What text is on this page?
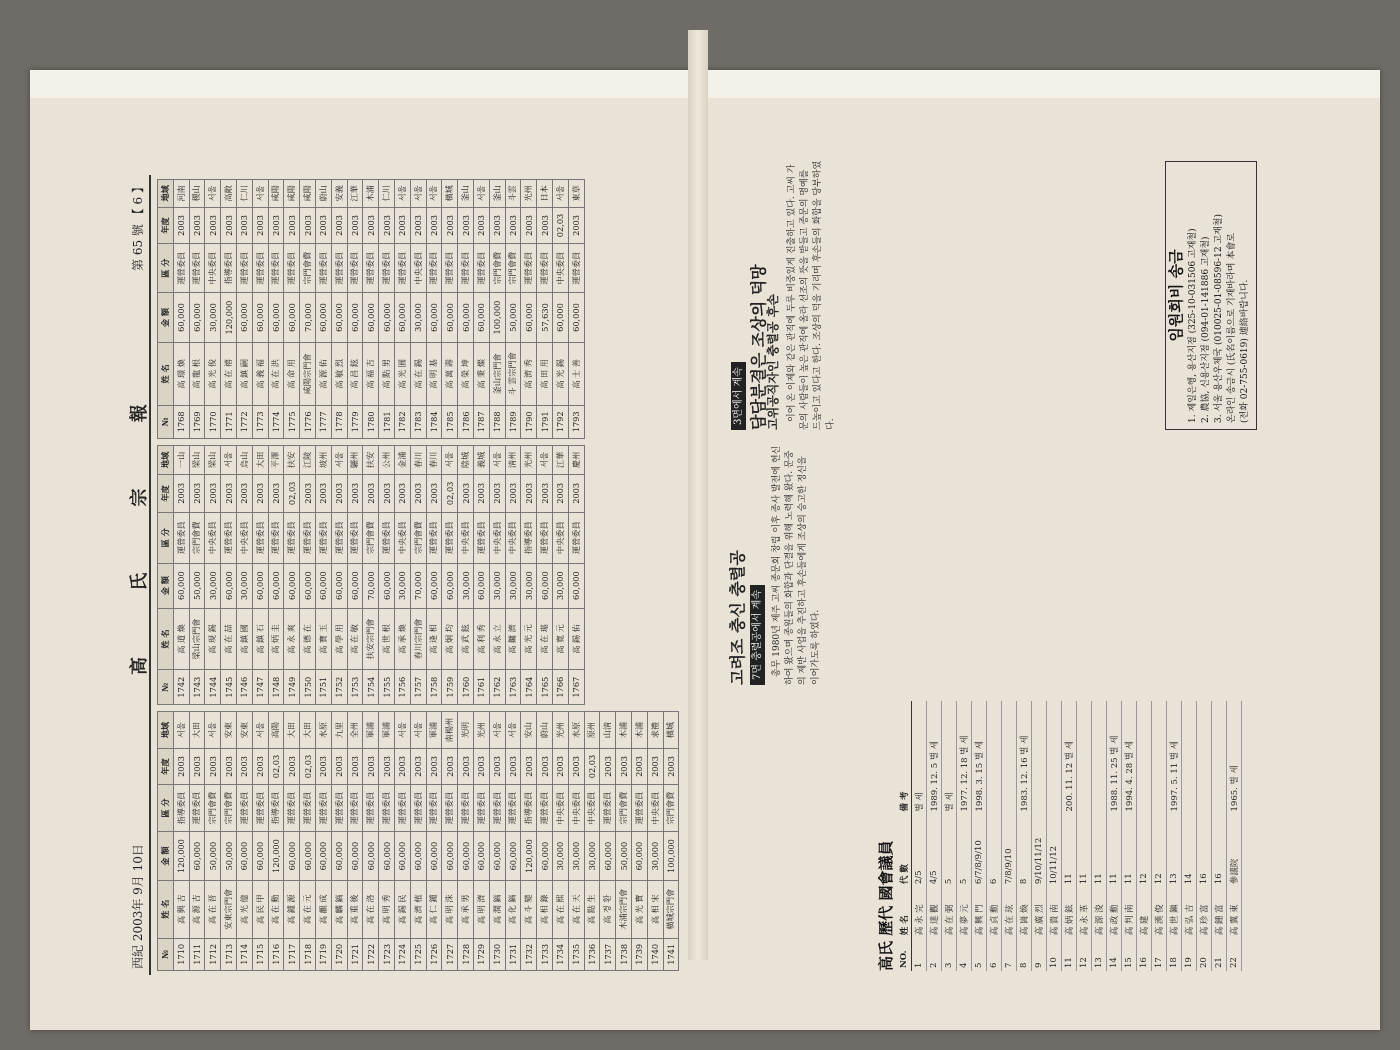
西紀 2003年 9月 10日
高 氏 宗 報
第 65 號 【 6 】
№	姓 名	金 額	區 分	年度	地域
1710	高 興 吉	120,000	指導委員	2003	서울
1711	高 源 吉	60,000	運營委員	2003	大田
1712	高 在 晋	50,000	宗門會費	2003	서울
1713	安東宗門會	50,000	宗門會費	2003	安東
1714	高 光 億	60,000	運營委員	2003	安東
1715	高 民 甲	60,000	運營委員	2003	서울
1716	高 在 勳	120,000	指導委員	02,03	高陽
1717	高 鍾 源	60,000	運營委員	2003	大田
1718	高 在 元	60,000	運營委員	02,03	大田
1719	高 觀 成	60,000	運營委員	2003	水原
1720	高 麟 鎬	60,000	運營委員	2003	九里
1721	高 重 後	60,000	運營委員	2003	全州
1722	高 在 洛	60,000	運營委員	2003	軍浦
1723	高 明 秀	60,000	運營委員	2003	軍浦
1724	高 錫 民	60,000	運營委員	2003	서울
1725	高 濟 植	60,000	運營委員	2003	서울
1726	高 仁 鍾	60,000	運營委員	2003	軍浦
1727	高 明 洙	60,000	運營委員	2003	南楊州
1728	高 承 男	60,000	運營委員	2003	光明
1729	高 明 濟	60,000	運營委員	2003	光州
1730	高 潤 鎬	60,000	運營委員	2003	서울
1731	高 化 鎬	60,000	運營委員	2003	서울
1732	高 斗 變	120,000	指導委員	2003	安山
1733	高 相 錄	60,000	運營委員	2003	蔚山
1734	高 在 熙	30,000	中央委員	2003	光州
1735	高 在 天	30,000	中央委員	2003	水原
1736	高 點 生	30,000	中央委員	02,03	原州
1737	高 경 환	60,000	運營委員	2003	山淸
1738	木浦宗門會	50,000	宗門會費	2003	木浦
1739	高 光 寶	60,000	運營委員	2003	木浦
1740	高 相 宋	30,000	中央委員	2003	求禮
1741	橫城宗門會	100,000	宗門會費	2003	橫城
№	姓 名	金 額	區 分	年度	地域
1742	高 道 煥	60,000	運營委員	2003	一山
1743	梁山宗門會	50,000	宗門會費	2003	梁山
1744	高 現 錫	30,000	中央委員	2003	梁山
1745	高 在 喆	60,000	運營委員	2003	서울
1746	高 鎮 國	30,000	中央委員	2003	烏山
1747	高 鎮 石	60,000	運營委員	2003	大田
1748	高 炳 圭	60,000	運營委員	2003	平澤
1749	高 永 爽	60,000	運營委員	02,03	扶安
1750	高 德 在	60,000	運營委員	2003	江陵
1751	高 寶 玉	60,000	運營委員	2003	坡州
1752	高 學 用	60,000	運營委員	2003	서울
1753	高 在 敏	60,000	運營委員	2003	驪州
1754	扶安宗門會	70,000	宗門會費	2003	扶安
1755	高 世 根	60,000	運營委員	2003	公州
1756	高 承 煥	30,000	中央委員	2003	金浦
1757	春川宗門會	70,000	宗門會費	2003	春川
1758	高 逢 相	60,000	運營委員	2003	春川
1759	高 炯 均	60,000	運營委員	02,03	서울
1760	高 武 鉉	30,000	中央委員	2003	陰城
1761	高 利 秀	60,000	運營委員	2003	義城
1762	高 永 立	30,000	中央委員	2003	서울
1763	高 鏞 濟	30,000	中央委員	2003	淸州
1764	高 光 元	30,000	指導委員	2003	光州
1765	高 在 璂	60,000	運營委員	2003	서울
1766	高 寬 元	30,000	中央委員	2003	江華
1767	高 錫 佑	60,000	運營委員	2003	慶州
№	姓 名	金 額	區 分	年度	地域
1768	高 璟 煥	60,000	運營委員	2003	河南
1769	高 龍 根	60,000	運營委員	2003	稷山
1770	高 光 俊	30,000	中央委員	2003	서울
1771	高 在 禧	120,000	指導委員	2003	高敞
1772	高 鎮 嗣	60,000	運營委員	2003	仁川
1773	高 義 福	60,000	運營委員	2003	서울
1774	高 在 洪	60,000	運營委員	2003	咸陽
1775	高 命 用	60,000	運營委員	2003	咸陽
1776	咸陽宗門會	70,000	宗門會費	2003	咸陽
1777	高 源 佑	60,000	運營委員	2003	蔚山
1778	高 敏 烈	60,000	運營委員	2003	安義
1779	高 昌 鉉	60,000	運營委員	2003	江華
1780	高 福 吉	60,000	運營委員	2003	木浦
1781	高 點 男	60,000	運營委員	2003	仁川
1782	高 光 圓	60,000	運營委員	2003	서울
1783	高 在 錫	30,000	中央委員	2003	서울
1784	高 明 基	60,000	運營委員	2003	서울
1785	高 萬 壽	60,000	運營委員	2003	橫城
1786	高 榮 坤	60,000	運營委員	2003	釜山
1787	高 秉 燦	60,000	運營委員	2003	서울
1788	釜山宗門會	100,000	宗門會費	2003	釜山
1789	斗 雲宗門會	50,000	宗門會費	2003	斗雲
1790	高 濟 秀	60,000	運營委員	2003	光州
1791	高 田 用	57,630	運營委員	2003	日本
1792	高 光 錫	60,000	中央委員	02,03	서울
1793	高 士 善	60,000	運營委員	2003	東草
高氏 歷代 國會議員 NO.	姓 名	代 數	備 考
1	高 永 完	2/5	별 세
2	高 達 觀	4/5	1989. 12. 5 별 세
3	高 在 弼	5	별 세
4	高 夢 元	5	1977. 12. 18 별 세
5	高 興 門	6/7/8/9/10	1998. 3. 15 별 세
6	高 貞 勳	6	
7	高 在 玹	7/8/9/10	
8	高 崗 煥	8	1983. 12. 16 별 세
9	高 廣 烈	9/10/11/12	
10	高 貴 南	10/11/12	
11	高 炳 鉉	11	200. 11. 12 별 세
12	高 永 革	11	
13	高 源 浚	11	
14	高 政 勳	11	1988. 11. 25 별 세
15	高 判 南	11	1994. 4. 28 별 세
16	高 建	12	
17	高 漢 俊	12	
18	高 世 鎭	13	1997. 5. 11 별 세
19	高 弘 吉	14	
20	高 珍 富	16	
21	高 鍾 富	16	
22	高 翼 東	參議院	1965. 별 세
고려조 충신 충렬공 7면 충렬공에서 계속 총무 1980년 제주 고씨 종문회 창립 이후 종사 발전에 헌신하여 왔으며 종원들의 화합과 단결을 위해 노력해 왔다. 문중의 제반 사업을 추진하고 후손들에게 조상의 숭고한 정신을 이어가도록 하였다.

3면에서 계속 담담분결은 조상의 덕망
고위공직자인 충렬공 후손 이어 온 이제와 같은 관직에 두루 비중있게 진출하고 있다. 고씨 가문의 사람들이 높은 관직에 올라 선조의 뜻을 받들고 종문의 명예를 드높이고 있다고 한다. 조상의 덕을 기리며 후손들의 화합을 당부하였다.

임원회비 송금 1. 제일은행, 용산지점 (325-10-031506 고재철) 2. 農協, 신용산지점 (094-01-141886 고재철) 3. 서울 용산우체국 (010025-01-08596-12 고재철) 온라인 송금시 (氏名이름으로 기재바라며 本會로 (전화 02-755-0619) 連絡바랍니다.
